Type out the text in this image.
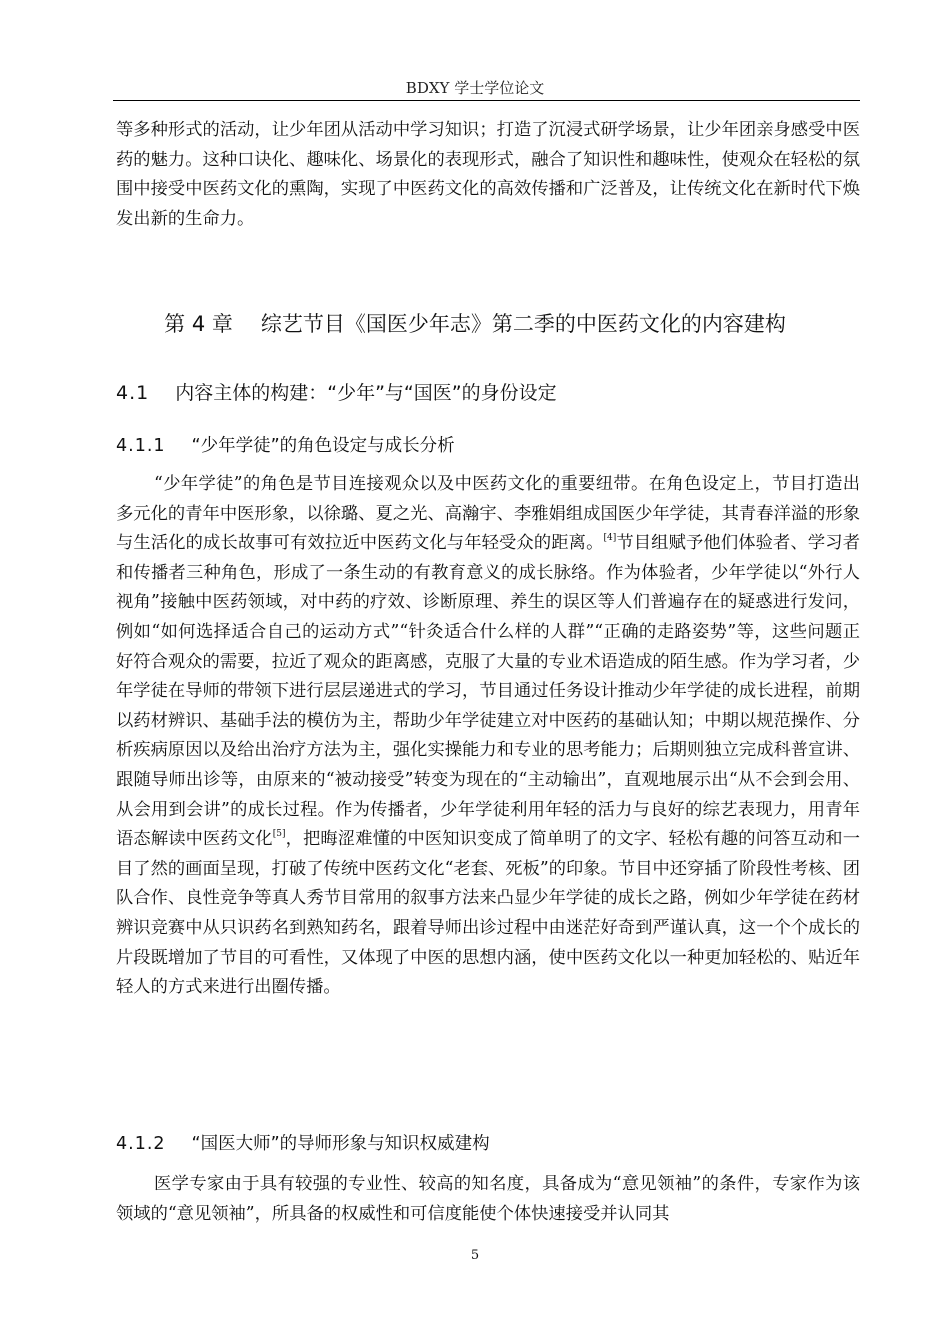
BDXY 学士学位论文

等多种形式的活动，让少年团从活动中学习知识；打造了沉浸式研学场景，让少年团亲身感受中医药的魅力。这种口诀化、趣味化、场景化的表现形式，融合了知识性和趣味性，使观众在轻松的氛围中接受中医药文化的熏陶，实现了中医药文化的高效传播和广泛普及，让传统文化在新时代下焕发出新的生命力。

第 4 章 综艺节目《国医少年志》第二季的中医药文化的内容建构
4.1 内容主体的构建：“少年”与“国医”的身份设定
4.1.1 “少年学徒”的角色设定与成长分析

“少年学徒”的角色是节目连接观众以及中医药文化的重要纽带。在角色设定上，节目打造出多元化的青年中医形象，以徐璐、夏之光、高瀚宇、李雅娟组成国医少年学徒，其青春洋溢的形象与生活化的成长故事可有效拉近中医药文化与年轻受众的距离。[4]节目组赋予他们体验者、学习者和传播者三种角色，形成了一条生动的有教育意义的成长脉络。作为体验者，少年学徒以“外行人视角”接触中医药领域，对中药的疗效、诊断原理、养生的误区等人们普遍存在的疑惑进行发问，例如“如何选择适合自己的运动方式”“针灸适合什么样的人群”“正确的走路姿势”等，这些问题正好符合观众的需要，拉近了观众的距离感，克服了大量的专业术语造成的陌生感。作为学习者，少年学徒在导师的带领下进行层层递进式的学习，节目通过任务设计推动少年学徒的成长进程，前期以药材辨识、基础手法的模仿为主，帮助少年学徒建立对中医药的基础认知；中期以规范操作、分析疾病原因以及给出治疗方法为主，强化实操能力和专业的思考能力；后期则独立完成科普宣讲、跟随导师出诊等，由原来的“被动接受”转变为现在的“主动输出”，直观地展示出“从不会到会用、从会用到会讲”的成长过程。作为传播者，少年学徒利用年轻的活力与良好的综艺表现力，用青年语态解读中医药文化[5]，把晦涩难懂的中医知识变成了简单明了的文字、轻松有趣的问答互动和一目了然的画面呈现，打破了传统中医药文化“老套、死板”的印象。节目中还穿插了阶段性考核、团队合作、良性竞争等真人秀节目常用的叙事方法来凸显少年学徒的成长之路，例如少年学徒在药材辨识竞赛中从只识药名到熟知药名，跟着导师出诊过程中由迷茫好奇到严谨认真，这一个个成长的片段既增加了节目的可看性，又体现了中医的思想内涵，使中医药文化以一种更加轻松的、贴近年轻人的方式来进行出圈传播。

4.1.2 “国医大师”的导师形象与知识权威建构

医学专家由于具有较强的专业性、较高的知名度，具备成为“意见领袖”的条件，专家作为该领域的“意见领袖”，所具备的权威性和可信度能使个体快速接受并认同其

5
